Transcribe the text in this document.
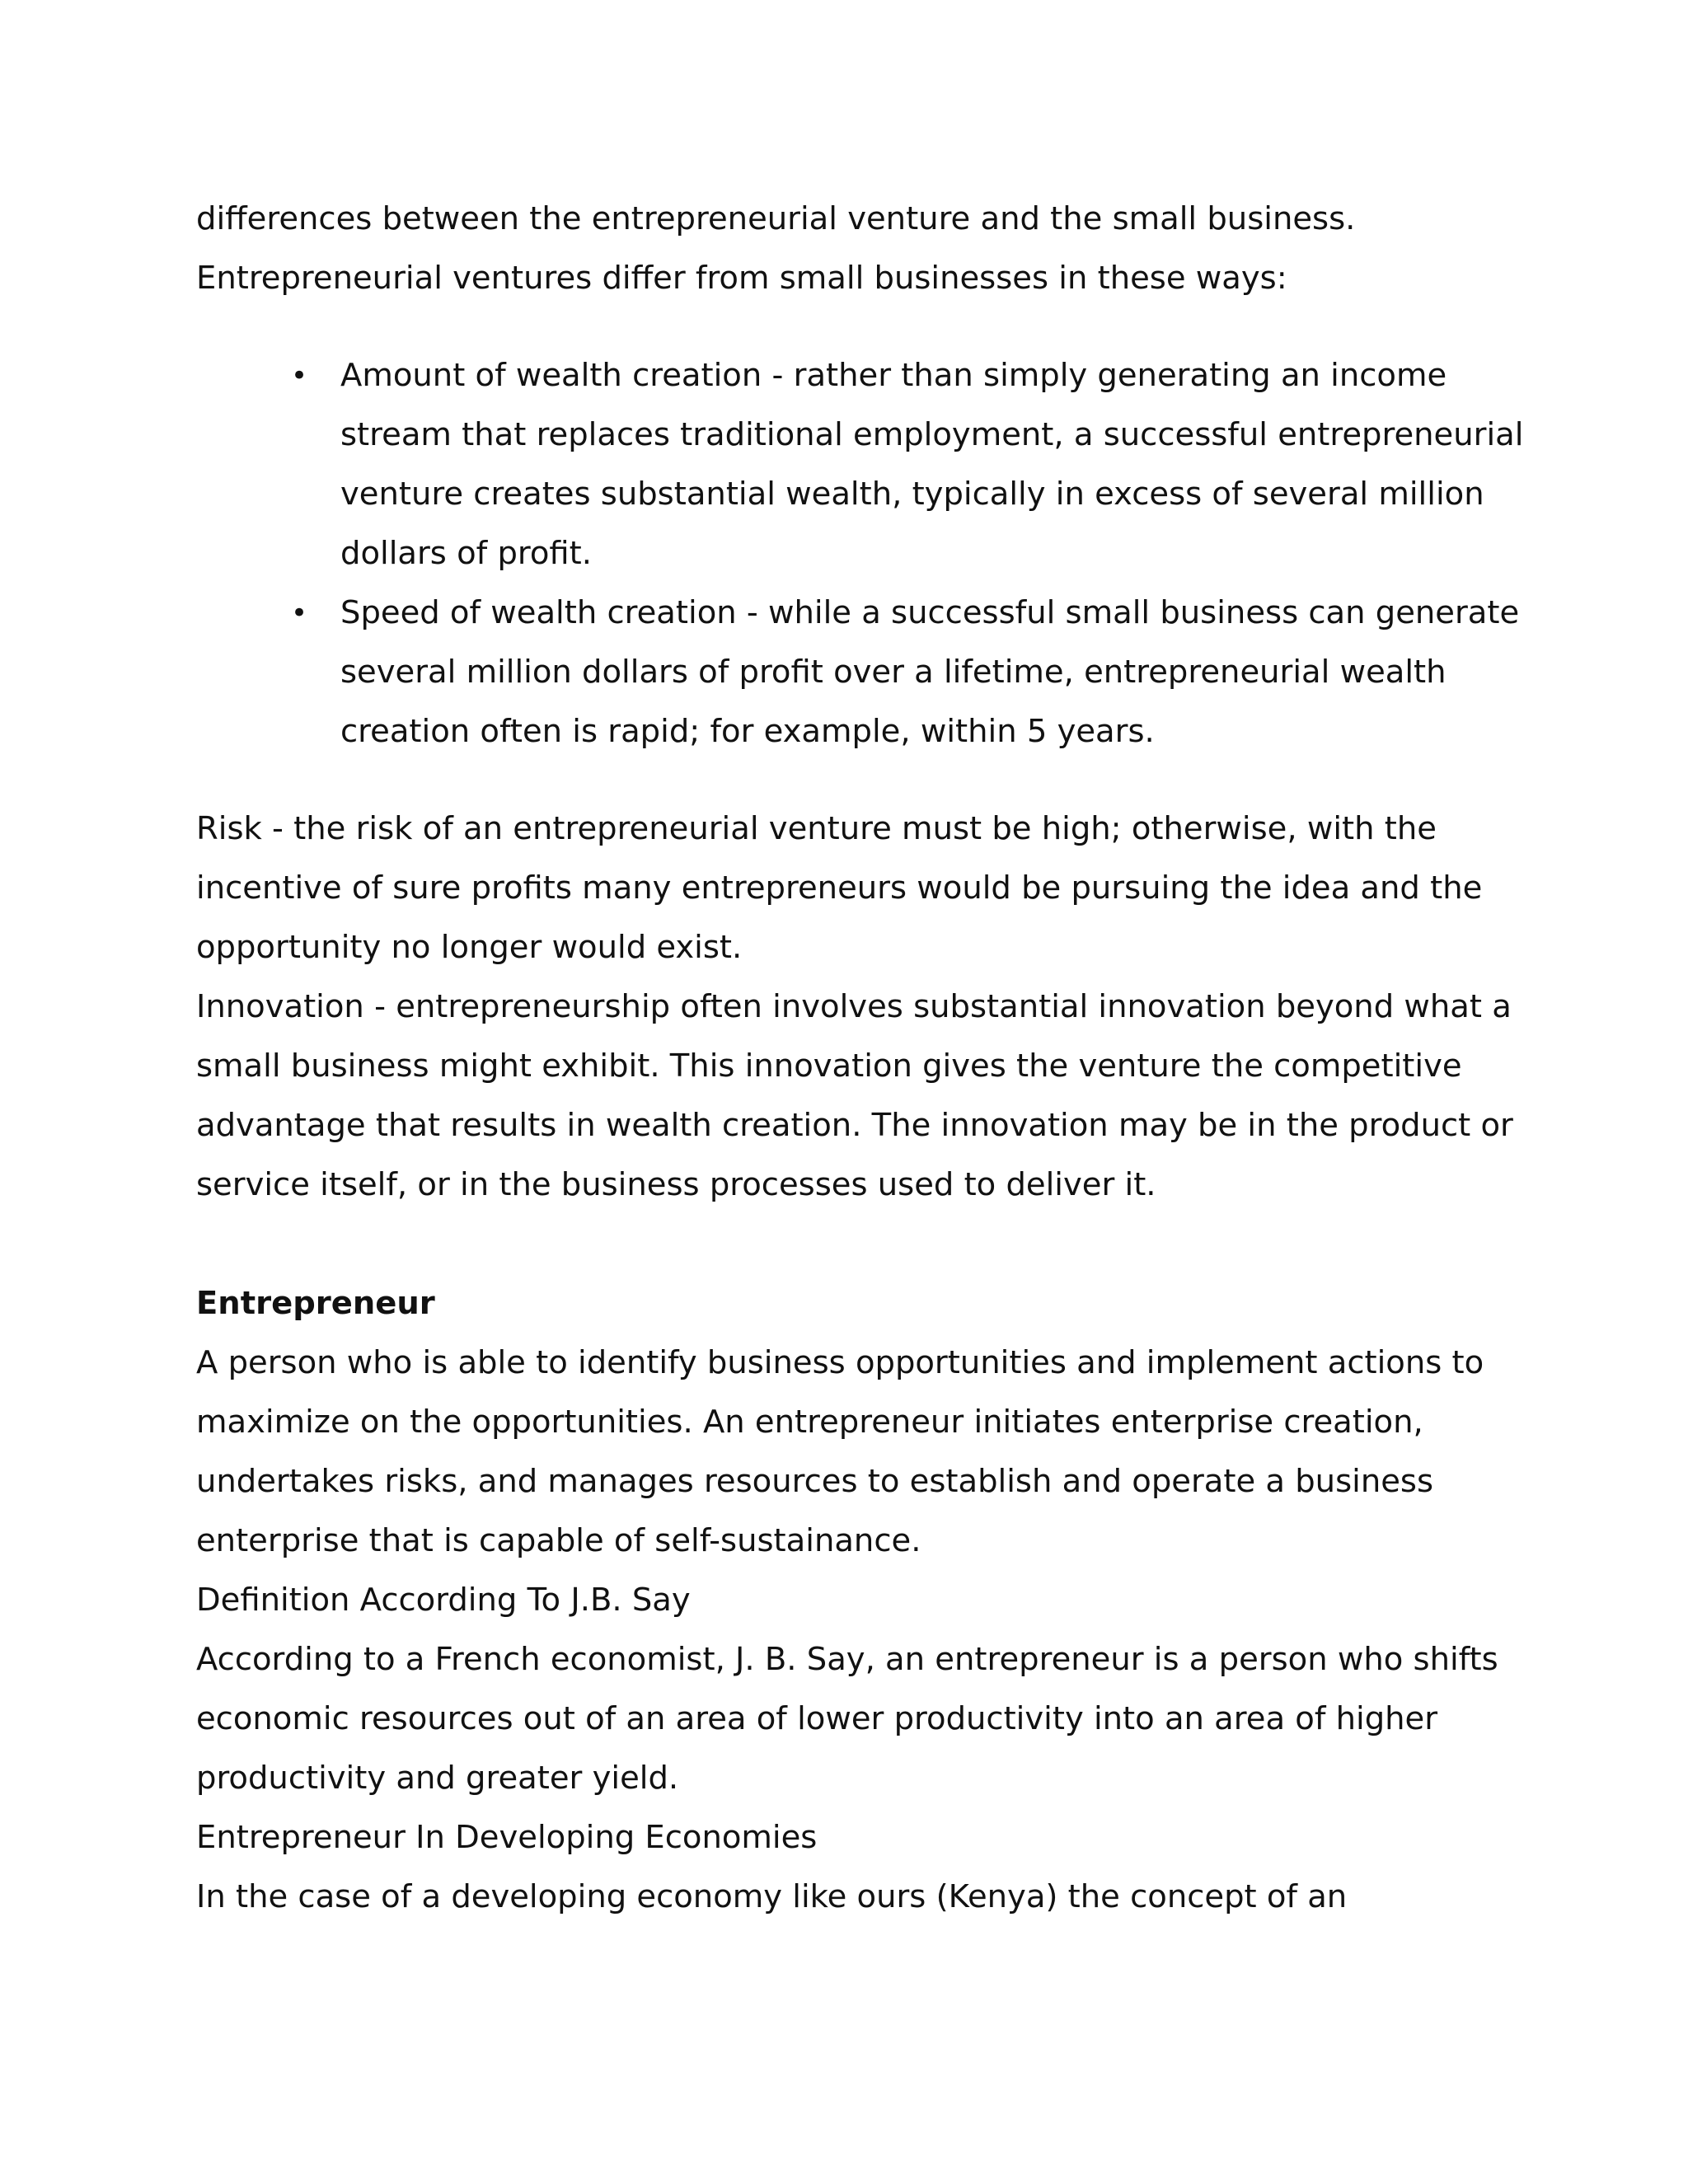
differences between the entrepreneurial venture and the small business.

Entrepreneurial ventures differ from small businesses in these ways:

• Amount of wealth creation - rather than simply generating an income stream that replaces traditional employment, a successful entrepreneurial venture creates substantial wealth, typically in excess of several million dollars of profit.
• Speed of wealth creation - while a successful small business can generate several million dollars of profit over a lifetime, entrepreneurial wealth creation often is rapid; for example, within 5 years.

Risk - the risk of an entrepreneurial venture must be high; otherwise, with the incentive of sure profits many entrepreneurs would be pursuing the idea and the opportunity no longer would exist.

Innovation - entrepreneurship often involves substantial innovation beyond what a small business might exhibit. This innovation gives the venture the competitive advantage that results in wealth creation. The innovation may be in the product or service itself, or in the business processes used to deliver it.

Entrepreneur

A person who is able to identify business opportunities and implement actions to maximize on the opportunities. An entrepreneur initiates enterprise creation, undertakes risks, and manages resources to establish and operate a business enterprise that is capable of self-sustainance.

Definition According To J.B. Say

According to a French economist, J. B. Say, an entrepreneur is a person who shifts economic resources out of an area of lower productivity into an area of higher productivity and greater yield.

Entrepreneur In Developing Economies

In the case of a developing economy like ours (Kenya) the concept of an
